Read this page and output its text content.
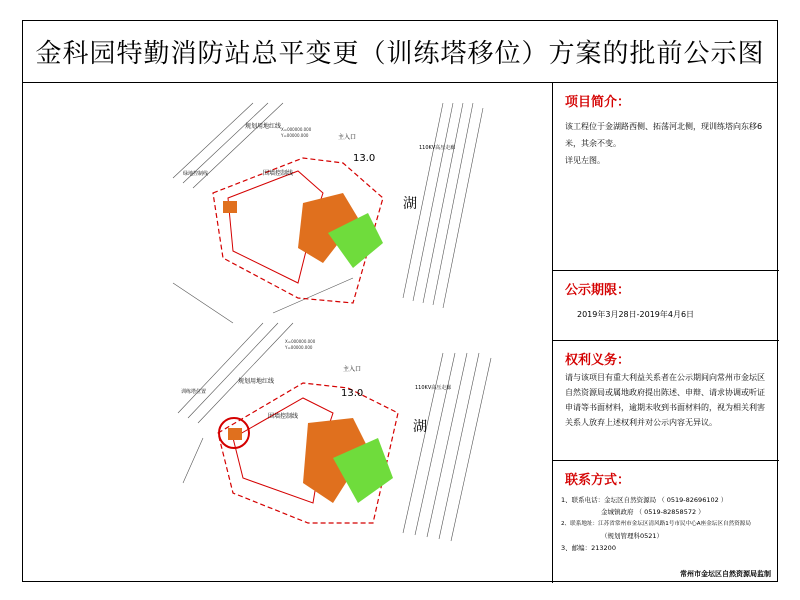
金科园特勤消防站总平变更（训练塔移位）方案的批前公示图
规划用地红线
围墙控制线
主入口
13.0
湖
110KV高压走廊
绿地控制线
X=000000.000
Y=00000.000
规划用地红线
围墙控制线
主入口
13.0
湖
110KV高压走廊
训练塔位置
X=000000.000
Y=00000.000
项目简介：
该工程位于金湖路西侧、拓荡河北侧，现训练塔向东移6米，其余不变。
详见左图。
公示期限：
2019年3月28日-2019年4月6日
权利义务：
请与该项目有重大利益关系者在公示期间向常州市金坛区自然资源局或属地政府提出陈述、申辩、请求协调或听证申请等书面材料，逾期未收到书面材料的，视为相关利害关系人放弃上述权利并对公示内容无异议。
联系方式：
1、联系电话：金坛区自然资源局 （ 0519-82696102 ）
金城镇政府 （ 0519-82858572 ）
2、联系地址：江苏省常州市金坛区清风路1号市民中心A座金坛区自然资源局
（规划管理科0521）
3、邮编：213200
常州市金坛区自然资源局监制
